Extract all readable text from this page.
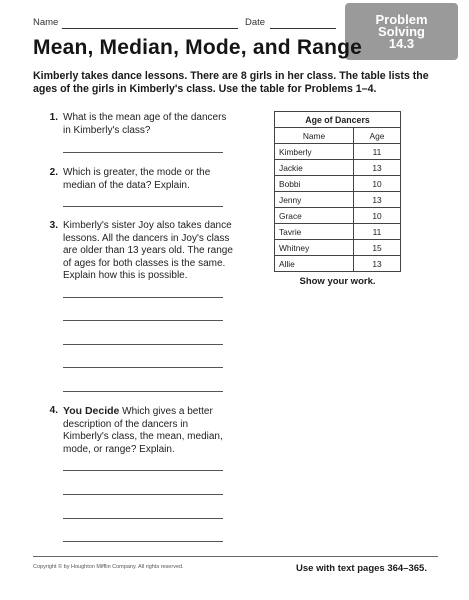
Name	Date	Problem
Solving
14.3
Mean, Median, Mode, and Range
Kimberly takes dance lessons. There are 8 girls in her class. The table lists the ages of the girls in Kimberly's class. Use the table for Problems 1–4.
1. What is the mean age of the dancers in Kimberly's class?
2. Which is greater, the mode or the median of the data? Explain.
3. Kimberly's sister Joy also takes dance lessons. All the dancers in Joy's class are older than 13 years old. The range of ages for both classes is the same. Explain how this is possible.
4. You Decide Which gives a better description of the dancers in Kimberly's class, the mean, median, mode, or range? Explain.
Age of Dancers	
Name	Age
Kimberly	11
Jackie	13
Bobbi	10
Jenny	13
Grace	10
Tavrie	11
Whitney	15
Allie	13
Show your work.
Copyright © by Houghton Mifflin Company. All rights reserved.	Use with text pages 364–365.
